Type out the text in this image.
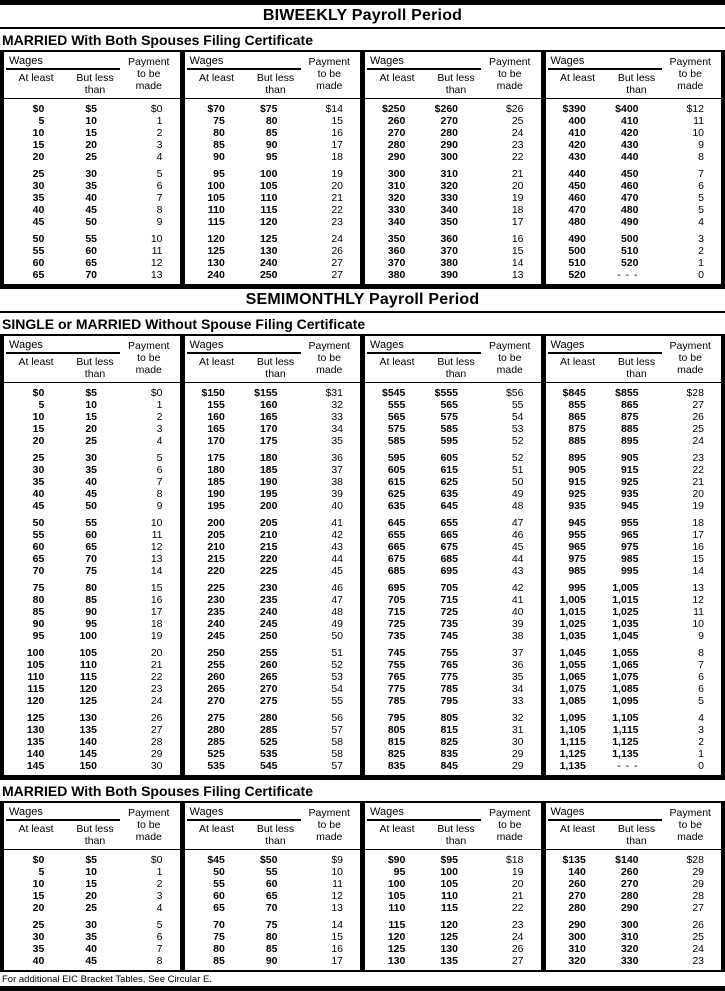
BIWEEKLY Payroll Period
MARRIED With Both Spouses Filing Certificate
Wages
At least	But less than
Payment to be made
$0	$5	$0
5	10	1
10	15	2
15	20	3
20	25	4
25	30	5
30	35	6
35	40	7
40	45	8
45	50	9
50	55	10
55	60	11
60	65	12
65	70	13
Wages
At least	But less than
Payment to be made
$70	$75	$14
75	80	15
80	85	16
85	90	17
90	95	18
95	100	19
100	105	20
105	110	21
110	115	22
115	120	23
120	125	24
125	130	26
130	240	27
240	250	27
Wages
At least	But less than
Payment to be made
$250	$260	$26
260	270	25
270	280	24
280	290	23
290	300	22
300	310	21
310	320	20
320	330	19
330	340	18
340	350	17
350	360	16
360	370	15
370	380	14
380	390	13
Wages
At least	But less than
Payment to be made
$390	$400	$12
400	410	11
410	420	10
420	430	9
430	440	8
440	450	7
450	460	6
460	470	5
470	480	5
480	490	4
490	500	3
500	510	2
510	520	1
520	- - -	0
SEMIMONTHLY Payroll Period
SINGLE or MARRIED Without Spouse Filing Certificate
Wages
At least	But less than
Payment to be made
$0	$5	$0
5	10	1
10	15	2
15	20	3
20	25	4
25	30	5
30	35	6
35	40	7
40	45	8
45	50	9
50	55	10
55	60	11
60	65	12
65	70	13
70	75	14
75	80	15
80	85	16
85	90	17
90	95	18
95	100	19
100	105	20
105	110	21
110	115	22
115	120	23
120	125	24
125	130	26
130	135	27
135	140	28
140	145	29
145	150	30
Wages
At least	But less than
Payment to be made
$150	$155	$31
155	160	32
160	165	33
165	170	34
170	175	35
175	180	36
180	185	37
185	190	38
190	195	39
195	200	40
200	205	41
205	210	42
210	215	43
215	220	44
220	225	45
225	230	46
230	235	47
235	240	48
240	245	49
245	250	50
250	255	51
255	260	52
260	265	53
265	270	54
270	275	55
275	280	56
280	285	57
285	525	58
525	535	58
535	545	57
Wages
At least	But less than
Payment to be made
$545	$555	$56
555	565	55
565	575	54
575	585	53
585	595	52
595	605	52
605	615	51
615	625	50
625	635	49
635	645	48
645	655	47
655	665	46
665	675	45
675	685	44
685	695	43
695	705	42
705	715	41
715	725	40
725	735	39
735	745	38
745	755	37
755	765	36
765	775	35
775	785	34
785	795	33
795	805	32
805	815	31
815	825	30
825	835	29
835	845	29
Wages
At least	But less than
Payment to be made
$845	$855	$28
855	865	27
865	875	26
875	885	25
885	895	24
895	905	23
905	915	22
915	925	21
925	935	20
935	945	19
945	955	18
955	965	17
965	975	16
975	985	15
985	995	14
995	1,005	13
1,005	1,015	12
1,015	1,025	11
1,025	1,035	10
1,035	1,045	9
1,045	1,055	8
1,055	1,065	7
1,065	1,075	6
1,075	1,085	6
1,085	1,095	5
1,095	1,105	4
1,105	1,115	3
1,115	1,125	2
1,125	1,135	1
1,135	- - -	0
MARRIED With Both Spouses Filing Certificate
Wages
At least	But less than
Payment to be made
$0	$5	$0
5	10	1
10	15	2
15	20	3
20	25	4
25	30	5
30	35	6
35	40	7
40	45	8
Wages
At least	But less than
Payment to be made
$45	$50	$9
50	55	10
55	60	11
60	65	12
65	70	13
70	75	14
75	80	15
80	85	16
85	90	17
Wages
At least	But less than
Payment to be made
$90	$95	$18
95	100	19
100	105	20
105	110	21
110	115	22
115	120	23
120	125	24
125	130	26
130	135	27
Wages
At least	But less than
Payment to be made
$135	$140	$28
140	260	29
260	270	29
270	280	28
280	290	27
290	300	26
300	310	25
310	320	24
320	330	23
For additional EIC Bracket Tables, See Circular E.
